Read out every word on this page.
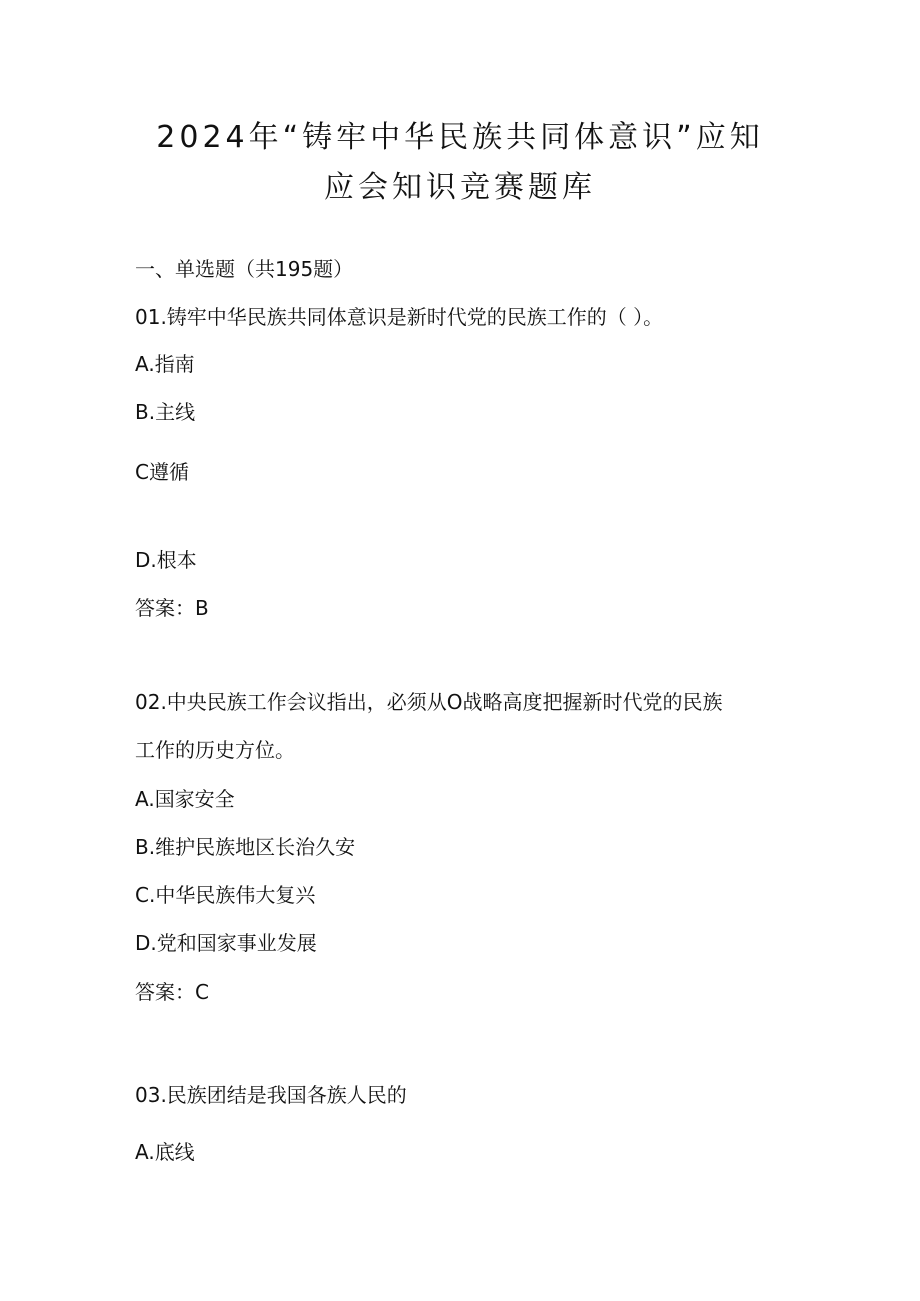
2024年“铸牢中华民族共同体意识”应知
应会知识竞赛题库
一、单选题（共195题）
01.铸牢中华民族共同体意识是新时代党的民族工作的（ ）。
A.指南
B.主线
C遵循
D.根本
答案：B
02.中央民族工作会议指出，必须从O战略高度把握新时代党的民族
工作的历史方位。
A.国家安全
B.维护民族地区长治久安
C.中华民族伟大复兴
D.党和国家事业发展
答案：C
03.民族团结是我国各族人民的
A.底线
